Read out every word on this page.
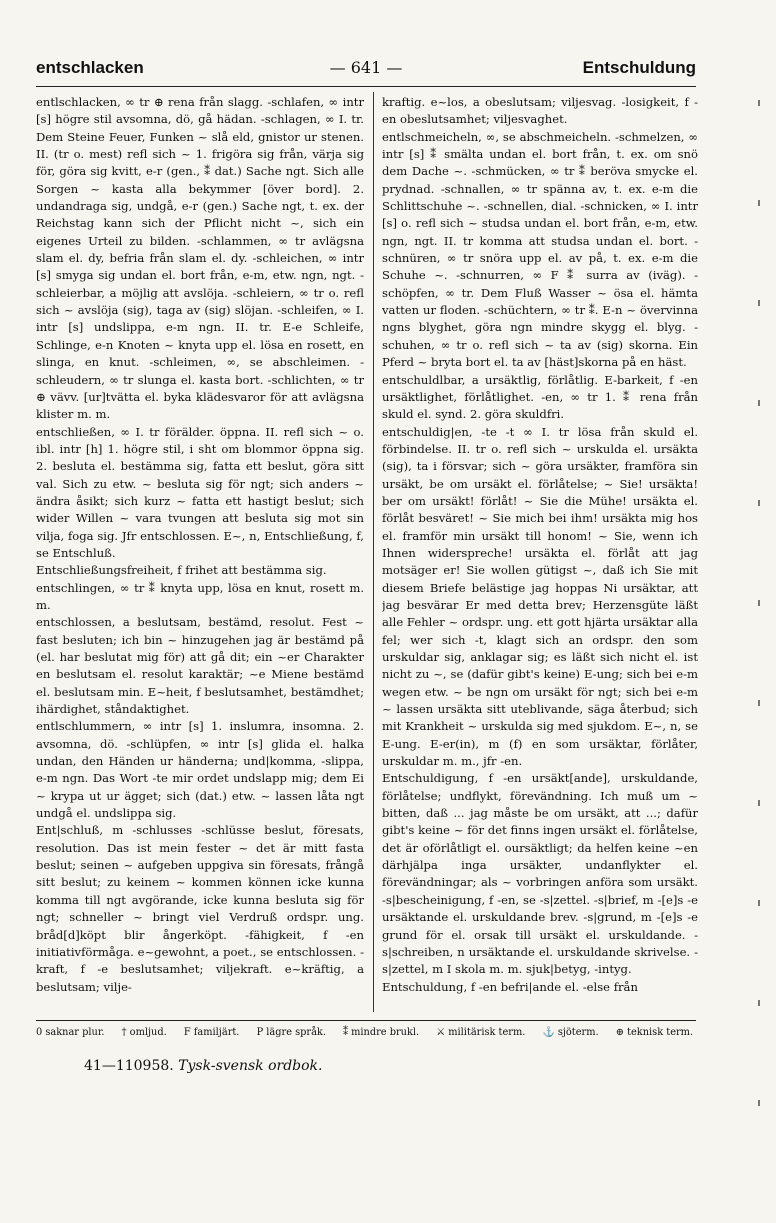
entschlacken	— 641 —	Entschuldung

entlschlacken, ∞ tr ⊕ rena från slagg. -schlafen, ∞ intr [s] högre stil avsomna, dö, gå hädan. -schlagen, ∞ I. tr. Dem Steine Feuer, Funken ~ slå eld, gnistor ur stenen. II. (tr o. mest) refl sich ~ 1. frigöra sig från, värja sig för, göra sig kvitt, e-r (gen., ⁑ dat.) Sache ngt. Sich alle Sorgen ~ kasta alla bekymmer [över bord]. 2. undandraga sig, undgå, e-r (gen.) Sache ngt, t. ex. der Reichstag kann sich der Pflicht nicht ~, sich ein eigenes Urteil zu bilden. -schlammen, ∞ tr avlägsna slam el. dy, befria från slam el. dy. -schleichen, ∞ intr [s] smyga sig undan el. bort från, e-m, etw. ngn, ngt. -schleierbar, a möjlig att avslöja. -schleiern, ∞ tr o. refl sich ~ avslöja (sig), taga av (sig) slöjan. -schleifen, ∞ I. intr [s] undslippa, e-m ngn. II. tr. E-e Schleife, Schlinge, e-n Knoten ~ knyta upp el. lösa en rosett, en slinga, en knut. -schleimen, ∞, se abschleimen. -schleudern, ∞ tr slunga el. kasta bort. -schlichten, ∞ tr ⊕ vävv. [ur]tvätta el. byka klädesvaror för att avlägsna klister m. m.

entschließen, ∞ I. tr förälder. öppna. II. refl sich ~ o. ibl. intr [h] 1. högre stil, i sht om blommor öppna sig. 2. besluta el. bestämma sig, fatta ett beslut, göra sitt val. Sich zu etw. ~ besluta sig för ngt; sich anders ~ ändra åsikt; sich kurz ~ fatta ett hastigt beslut; sich wider Willen ~ vara tvungen att besluta sig mot sin vilja, foga sig. Jfr entschlossen. E~, n, Entschließung, f, se Entschluß.

Entschließungsfreiheit, f frihet att bestämma sig.

entschlingen, ∞ tr ⁑ knyta upp, lösa en knut, rosett m. m.

entschlossen, a beslutsam, bestämd, resolut. Fest ~ fast besluten; ich bin ~ hinzugehen jag är bestämd på (el. har beslutat mig för) att gå dit; ein ~er Charakter en beslutsam el. resolut karaktär; ~e Miene bestämd el. beslutsam min. E~heit, f beslutsamhet, bestämdhet; ihärdighet, ståndaktighet.

entlschlummern, ∞ intr [s] 1. inslumra, insomna. 2. avsomna, dö. -schlüpfen, ∞ intr [s] glida el. halka undan, den Händen ur händerna; und|komma, -slippa, e-m ngn. Das Wort -te mir ordet undslapp mig; dem Ei ~ krypa ut ur ägget; sich (dat.) etw. ~ lassen låta ngt undgå el. undslippa sig.

Ent|schluß, m -schlusses -schlüsse beslut, föresats, resolution. Das ist mein fester ~ det är mitt fasta beslut; seinen ~ aufgeben uppgiva sin föresats, frångå sitt beslut; zu keinem ~ kommen können icke kunna komma till ngt avgörande, icke kunna besluta sig för ngt; schneller ~ bringt viel Verdruß ordspr. ung. bråd[d]köpt blir ångerköpt. -fähigkeit, f -en initiativförmåga. e~gewohnt, a poet., se entschlossen. -kraft, f -e beslutsamhet; viljekraft. e~kräftig, a beslutsam; vilje-

kraftig. e~los, a obeslutsam; viljesvag. -losigkeit, f -en obeslutsamhet; viljesvaghet.

entlschmeicheln, ∞, se abschmeicheln. -schmelzen, ∞ intr [s] ⁑ smälta undan el. bort från, t. ex. om snö dem Dache ~. -schmücken, ∞ tr ⁑ beröva smycke el. prydnad. -schnallen, ∞ tr spänna av, t. ex. e-m die Schlittschuhe ~. -schnellen, dial. -schnicken, ∞ I. intr [s] o. refl sich ~ studsa undan el. bort från, e-m, etw. ngn, ngt. II. tr komma att studsa undan el. bort. -schnüren, ∞ tr snöra upp el. av på, t. ex. e-m die Schuhe ~. -schnurren, ∞ F ⁑ surra av (iväg). -schöpfen, ∞ tr. Dem Fluß Wasser ~ ösa el. hämta vatten ur floden. -schüchtern, ∞ tr ⁑. E-n ~ övervinna ngns blyghet, göra ngn mindre skygg el. blyg. -schuhen, ∞ tr o. refl sich ~ ta av (sig) skorna. Ein Pferd ~ bryta bort el. ta av [häst]skorna på en häst.

entschuldlbar, a ursäktlig, förlåtlig. E-barkeit, f -en ursäktlighet, förlåtlighet. -en, ∞ tr 1. ⁑ rena från skuld el. synd. 2. göra skuldfri.

entschuldig|en, -te -t ∞ I. tr lösa från skuld el. förbindelse. II. tr o. refl sich ~ urskulda el. ursäkta (sig), ta i försvar; sich ~ göra ursäkter, framföra sin ursäkt, be om ursäkt el. förlåtelse; ~ Sie! ursäkta! ber om ursäkt! förlåt! ~ Sie die Mühe! ursäkta el. förlåt besväret! ~ Sie mich bei ihm! ursäkta mig hos el. framför min ursäkt till honom! ~ Sie, wenn ich Ihnen widerspreche! ursäkta el. förlåt att jag motsäger er! Sie wollen gütigst ~, daß ich Sie mit diesem Briefe belästige jag hoppas Ni ursäktar, att jag besvärar Er med detta brev; Herzensgüte läßt alle Fehler ~ ordspr. ung. ett gott hjärta ursäktar alla fel; wer sich -t, klagt sich an ordspr. den som urskuldar sig, anklagar sig; es läßt sich nicht el. ist nicht zu ~, se (dafür gibt's keine) E-ung; sich bei e-m wegen etw. ~ be ngn om ursäkt för ngt; sich bei e-m ~ lassen ursäkta sitt uteblivande, säga återbud; sich mit Krankheit ~ urskulda sig med sjukdom. E~, n, se E-ung. E-er(in), m (f) en som ursäktar, förlåter, urskuldar m. m., jfr -en.

Entschuldigung, f -en ursäkt[ande], urskuldande, förlåtelse; undflykt, förevändning. Ich muß um ~ bitten, daß ... jag måste be om ursäkt, att ...; dafür gibt's keine ~ för det finns ingen ursäkt el. förlåtelse, det är oförlåtligt el. oursäktligt; da helfen keine ~en därhjälpa inga ursäkter, undanflykter el. förevändningar; als ~ vorbringen anföra som ursäkt. -s|bescheinigung, f -en, se -s|zettel. -s|brief, m -[e]s -e ursäktande el. urskuldande brev. -s|grund, m -[e]s -e grund för el. orsak till ursäkt el. urskuldande. -s|schreiben, n ursäktande el. urskuldande skrivelse. -s|zettel, m I skola m. m. sjuk|betyg, -intyg.

Entschuldung, f -en befri|ande el. -else från

0 saknar plur. † omljud. F familjärt. P lägre språk. ⁑ mindre brukl. ⚔ militärisk term. ⚓ sjöterm. ⊕ teknisk term.
41—110958. Tysk-svensk ordbok.
